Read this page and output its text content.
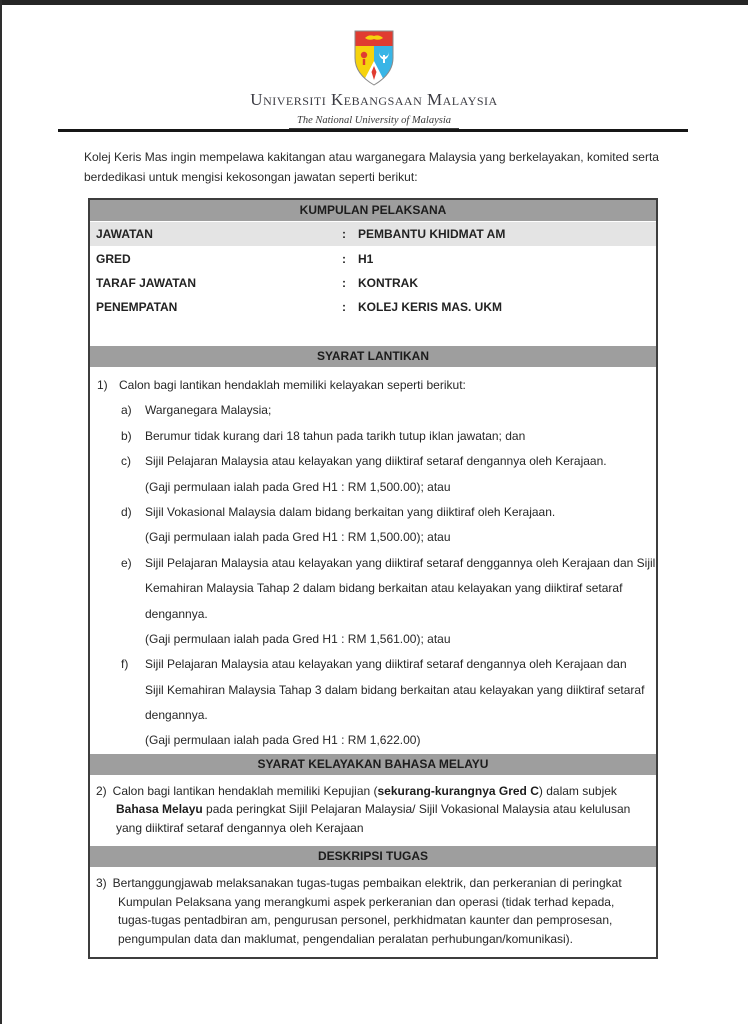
Universiti Kebangsaan Malaysia
The National University of Malaysia
Kolej Keris Mas ingin mempelawa kakitangan atau warganegara Malaysia yang berkelayakan, komited serta berdedikasi untuk mengisi kekosongan jawatan seperti berikut:
KUMPULAN PELAKSANA
JAWATAN	:	PEMBANTU KHIDMAT AM
GRED	:	H1
TARAF JAWATAN	:	KONTRAK
PENEMPATAN	:	KOLEJ KERIS MAS. UKM
SYARAT LANTIKAN
1) Calon bagi lantikan hendaklah memiliki kelayakan seperti berikut:
a)	Warganegara Malaysia;
b)	Berumur tidak kurang dari 18 tahun pada tarikh tutup iklan jawatan; dan
c)	Sijil Pelajaran Malaysia atau kelayakan yang diiktiraf setaraf dengannya oleh Kerajaan.
(Gaji permulaan ialah pada Gred H1 : RM 1,500.00); atau
d)	Sijil Vokasional Malaysia dalam bidang berkaitan yang diiktiraf oleh Kerajaan.
(Gaji permulaan ialah pada Gred H1 : RM 1,500.00); atau
e)	Sijil Pelajaran Malaysia atau kelayakan yang diiktiraf setaraf denggannya oleh Kerajaan dan Sijil
Kemahiran Malaysia Tahap 2 dalam bidang berkaitan atau kelayakan yang diiktiraf setaraf
dengannya.
(Gaji permulaan ialah pada Gred H1 : RM 1,561.00); atau
f)	Sijil Pelajaran Malaysia atau kelayakan yang diiktiraf setaraf dengannya oleh Kerajaan dan
Sijil Kemahiran Malaysia Tahap 3 dalam bidang berkaitan atau kelayakan yang diiktiraf setaraf
dengannya.
(Gaji permulaan ialah pada Gred H1 : RM 1,622.00)
SYARAT KELAYAKAN BAHASA MELAYU
2) Calon bagi lantikan hendaklah memiliki Kepujian (sekurang-kurangnya Gred C) dalam subjek Bahasa Melayu pada peringkat Sijil Pelajaran Malaysia/ Sijil Vokasional Malaysia atau kelulusan yang diiktiraf setaraf dengannya oleh Kerajaan
DESKRIPSI TUGAS
3) Bertanggungjawab melaksanakan tugas-tugas pembaikan elektrik, dan perkeranian di peringkat Kumpulan Pelaksana yang merangkumi aspek perkeranian dan operasi (tidak terhad kepada, tugas-tugas pentadbiran am, pengurusan personel, perkhidmatan kaunter dan pemprosesan, pengumpulan data dan maklumat, pengendalian peralatan perhubungan/komunikasi).
